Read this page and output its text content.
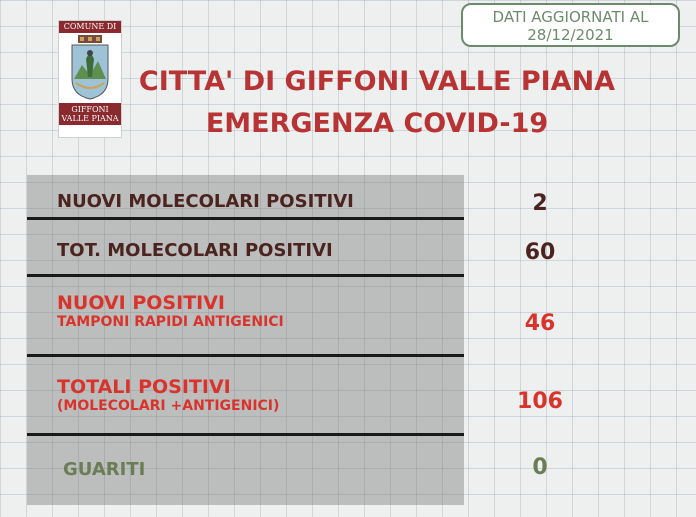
COMUNE DI
GIFFONI
VALLE PIANA
DATI AGGIORNATI AL
28/12/2021
CITTA' DI GIFFONI VALLE PIANA
EMERGENZA COVID-19
NUOVI MOLECOLARI POSITIVI	2
TOT. MOLECOLARI POSITIVI	60
NUOVI POSITIVI
TAMPONI RAPIDI ANTIGENICI	46
TOTALI POSITIVI
(MOLECOLARI +ANTIGENICI)	106
GUARITI	0
